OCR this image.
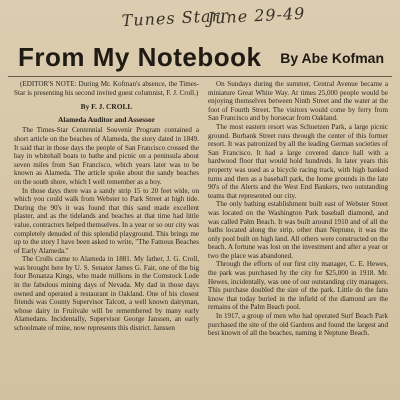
Tunes Starr
June 29-49
From My Notebook By Abe Kofman

(EDITOR'S NOTE: During Mr. Kofman's absence, the Times-Star is presenting his second invited guest columnist, F. J. Croll.)

By F. J. CROLL
Alameda Auditor and Assessor

The Times-Star Centennial Souvenir Program contained a short article on the beaches of Alameda, the story dated in 1849. It said that in those days the people of San Francisco crossed the bay in whitehall boats to bathe and picnic on a peninsula about seven miles from San Francisco, which years later was to be known as Alameda. The article spoke about the sandy beaches on the south shore, which I well remember as a boy.

In those days there was a sandy strip 15 to 20 feet wide, on which you could walk from Webster to Park Street at high tide. During the 90's it was found that this sand made excellent plaster, and as the tidelands and beaches at that time had little value, contractors helped themselves. In a year or so our city was completely denuded of this splendid playground. This brings me up to the story I have been asked to write, "The Famous Beaches of Early Alameda."

The Crolls came to Alameda in 1881. My father, J. G. Croll, was brought here by U. S. Senator James G. Fair, one of the big four Bonanza Kings, who made millions in the Comstock Lode in the fabulous mining days of Nevada. My dad in those days owned and operated a restaurant in Oakland. One of his closest friends was County Supervisor Talcott, a well known dairyman, whose dairy in Fruitvale will be remembered by many early Alamedans. Incidentally, Supervisor George Janssen, an early schoolmate of mine, now represents this district. Janssen

On Sundays during the summer, Central Avenue became a miniature Great White Way. At times 25,000 people would be enjoying themselves between Ninth Street and the water at the foot of Fourth Street. The visitors would come by ferry from San Francisco and by horsecar from Oakland.

The most eastern resort was Schuetzen Park, a large picnic ground. Burbank Street runs through the center of this former resort. It was patronized by all the leading German societies of San Francisco. It had a large covered dance hall with a hardwood floor that would hold hundreds. In later years this property was used as a bicycle racing track, with high banked turns and then as a baseball park, the home grounds in the late 90's of the Alerts and the West End Bankers, two outstanding teams that represented our city.

The only bathing establishment built east of Webster Street was located on the Washington Park baseball diamond, and was called Palm Beach. It was built around 1910 and of all the baths located along the strip, other than Neptune, it was the only pool built on high land. All others were constructed on the beach. A fortune was lost on the investment and after a year or two the place was abandoned.

Through the efforts of our first city manager, C. E. Hewes, the park was purchased by the city for $25,000 in 1918. Mr. Hewes, incidentally, was one of our outstanding city managers. This purchase doubled the size of the park. Little do the fans know that today buried in the infield of the diamond are the remains of the Palm Beach pool.

In 1917, a group of men who had operated Surf Beach Park purchased the site of the old Gardens and found the largest and best known of all the beaches, naming it Neptune Beach.
